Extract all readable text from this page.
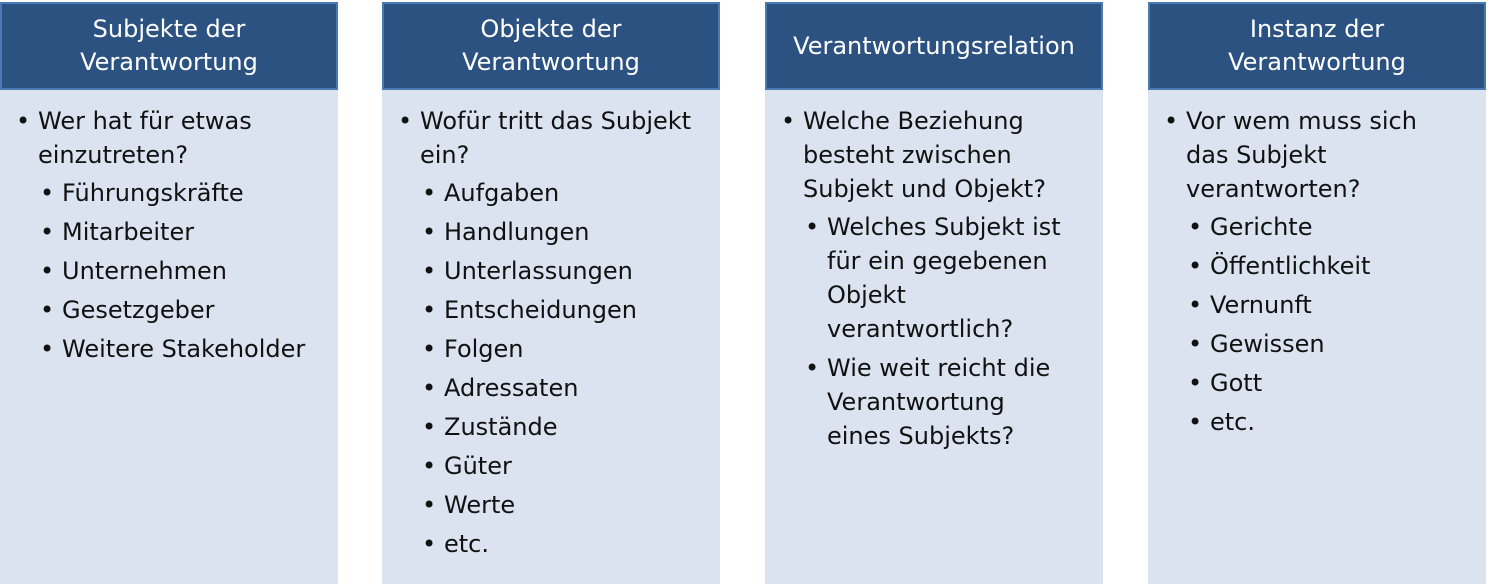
Subjekte der
Verantwortung
• Wer hat für etwas
einzutreten?
• Führungskräfte
• Mitarbeiter
• Unternehmen
• Gesetzgeber
• Weitere Stakeholder
Objekte der
Verantwortung
• Wofür tritt das Subjekt
ein?
• Aufgaben
• Handlungen
• Unterlassungen
• Entscheidungen
• Folgen
• Adressaten
• Zustände
• Güter
• Werte
• etc.
Verantwortungsrelation
• Welche Beziehung
besteht zwischen
Subjekt und Objekt?
• Welches Subjekt ist
für ein gegebenen
Objekt
verantwortlich?
• Wie weit reicht die
Verantwortung
eines Subjekts?
Instanz der
Verantwortung
• Vor wem muss sich
das Subjekt
verantworten?
• Gerichte
• Öffentlichkeit
• Vernunft
• Gewissen
• Gott
• etc.
